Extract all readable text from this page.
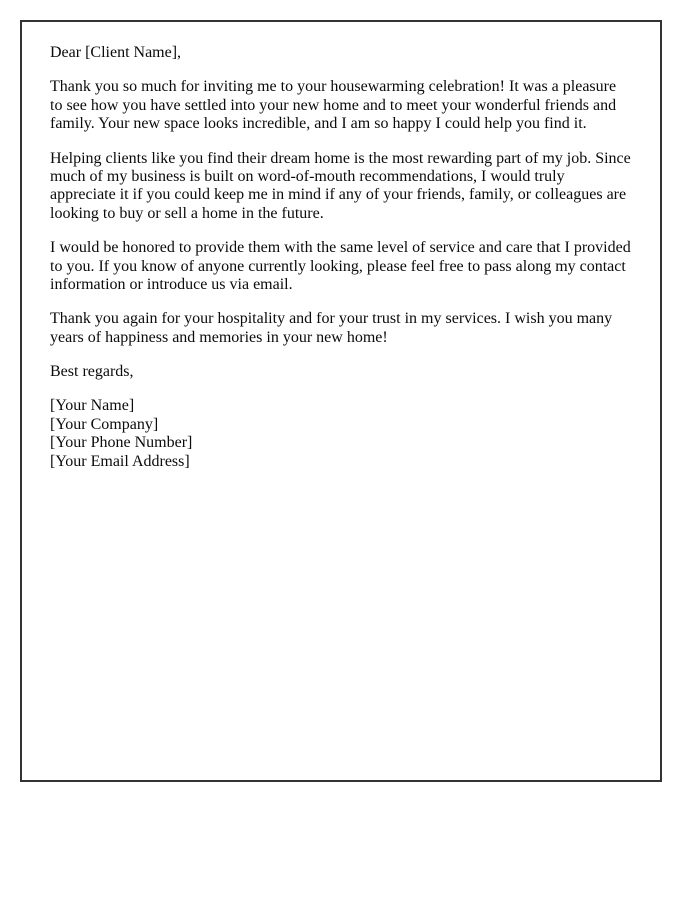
Dear [Client Name],

Thank you so much for inviting me to your housewarming celebration! It was a pleasure to see how you have settled into your new home and to meet your wonderful friends and family. Your new space looks incredible, and I am so happy I could help you find it.

Helping clients like you find their dream home is the most rewarding part of my job. Since much of my business is built on word-of-mouth recommendations, I would truly appreciate it if you could keep me in mind if any of your friends, family, or colleagues are looking to buy or sell a home in the future.

I would be honored to provide them with the same level of service and care that I provided to you. If you know of anyone currently looking, please feel free to pass along my contact information or introduce us via email.

Thank you again for your hospitality and for your trust in my services. I wish you many years of happiness and memories in your new home!

Best regards,

[Your Name]
[Your Company]
[Your Phone Number]
[Your Email Address]
